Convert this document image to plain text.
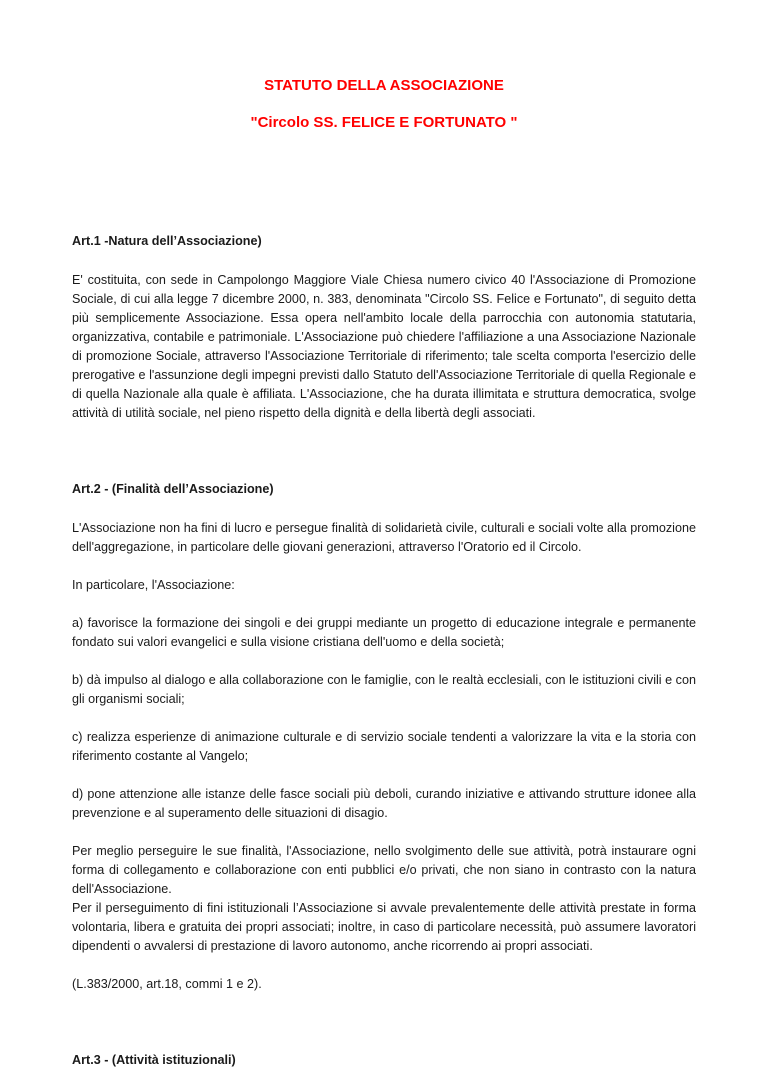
STATUTO DELLA ASSOCIAZIONE
"Circolo SS. FELICE E FORTUNATO "

Art.1 -Natura dell’Associazione)

E' costituita, con sede in Campolongo Maggiore Viale Chiesa numero civico 40 l'Associazione di Promozione Sociale, di cui alla legge 7 dicembre 2000, n. 383, denominata "Circolo SS. Felice e Fortunato", di seguito detta più semplicemente Associazione. Essa opera nell'ambito locale della parrocchia con autonomia statutaria, organizzativa, contabile e patrimoniale. L'Associazione può chiedere l'affiliazione a una Associazione Nazionale di promozione Sociale, attraverso l'Associazione Territoriale di riferimento; tale scelta comporta l'esercizio delle prerogative e l'assunzione degli impegni previsti dallo Statuto dell'Associazione Territoriale di quella Regionale e di quella Nazionale alla quale è affiliata. L'Associazione, che ha durata illimitata e struttura democratica, svolge attività di utilità sociale, nel pieno rispetto della dignità e della libertà degli associati.

Art.2 - (Finalità dell’Associazione)

L'Associazione non ha fini di lucro e persegue finalità di solidarietà civile, culturali e sociali volte alla promozione dell'aggregazione, in particolare delle giovani generazioni, attraverso l'Oratorio ed il Circolo.

In particolare, l'Associazione:

a) favorisce la formazione dei singoli e dei gruppi mediante un progetto di educazione integrale e permanente fondato sui valori evangelici e sulla visione cristiana dell'uomo e della società;

b) dà impulso al dialogo e alla collaborazione con le famiglie, con le realtà ecclesiali, con le istituzioni civili e con gli organismi sociali;

c) realizza esperienze di animazione culturale e di servizio sociale tendenti a valorizzare la vita e la storia con riferimento costante al Vangelo;

d) pone attenzione alle istanze delle fasce sociali più deboli, curando iniziative e attivando strutture idonee alla prevenzione e al superamento delle situazioni di disagio.

Per meglio perseguire le sue finalità, l'Associazione, nello svolgimento delle sue attività, potrà instaurare ogni forma di collegamento e collaborazione con enti pubblici e/o privati, che non siano in contrasto con la natura dell'Associazione.

Per il perseguimento di fini istituzionali l’Associazione si avvale prevalentemente delle attività prestate in forma volontaria, libera e gratuita dei propri associati; inoltre, in caso di particolare necessità, può assumere lavoratori dipendenti o avvalersi di prestazione di lavoro autonomo, anche ricorrendo ai propri associati.

(L.383/2000, art.18, commi 1 e 2).

Art.3 - (Attività istituzionali)
